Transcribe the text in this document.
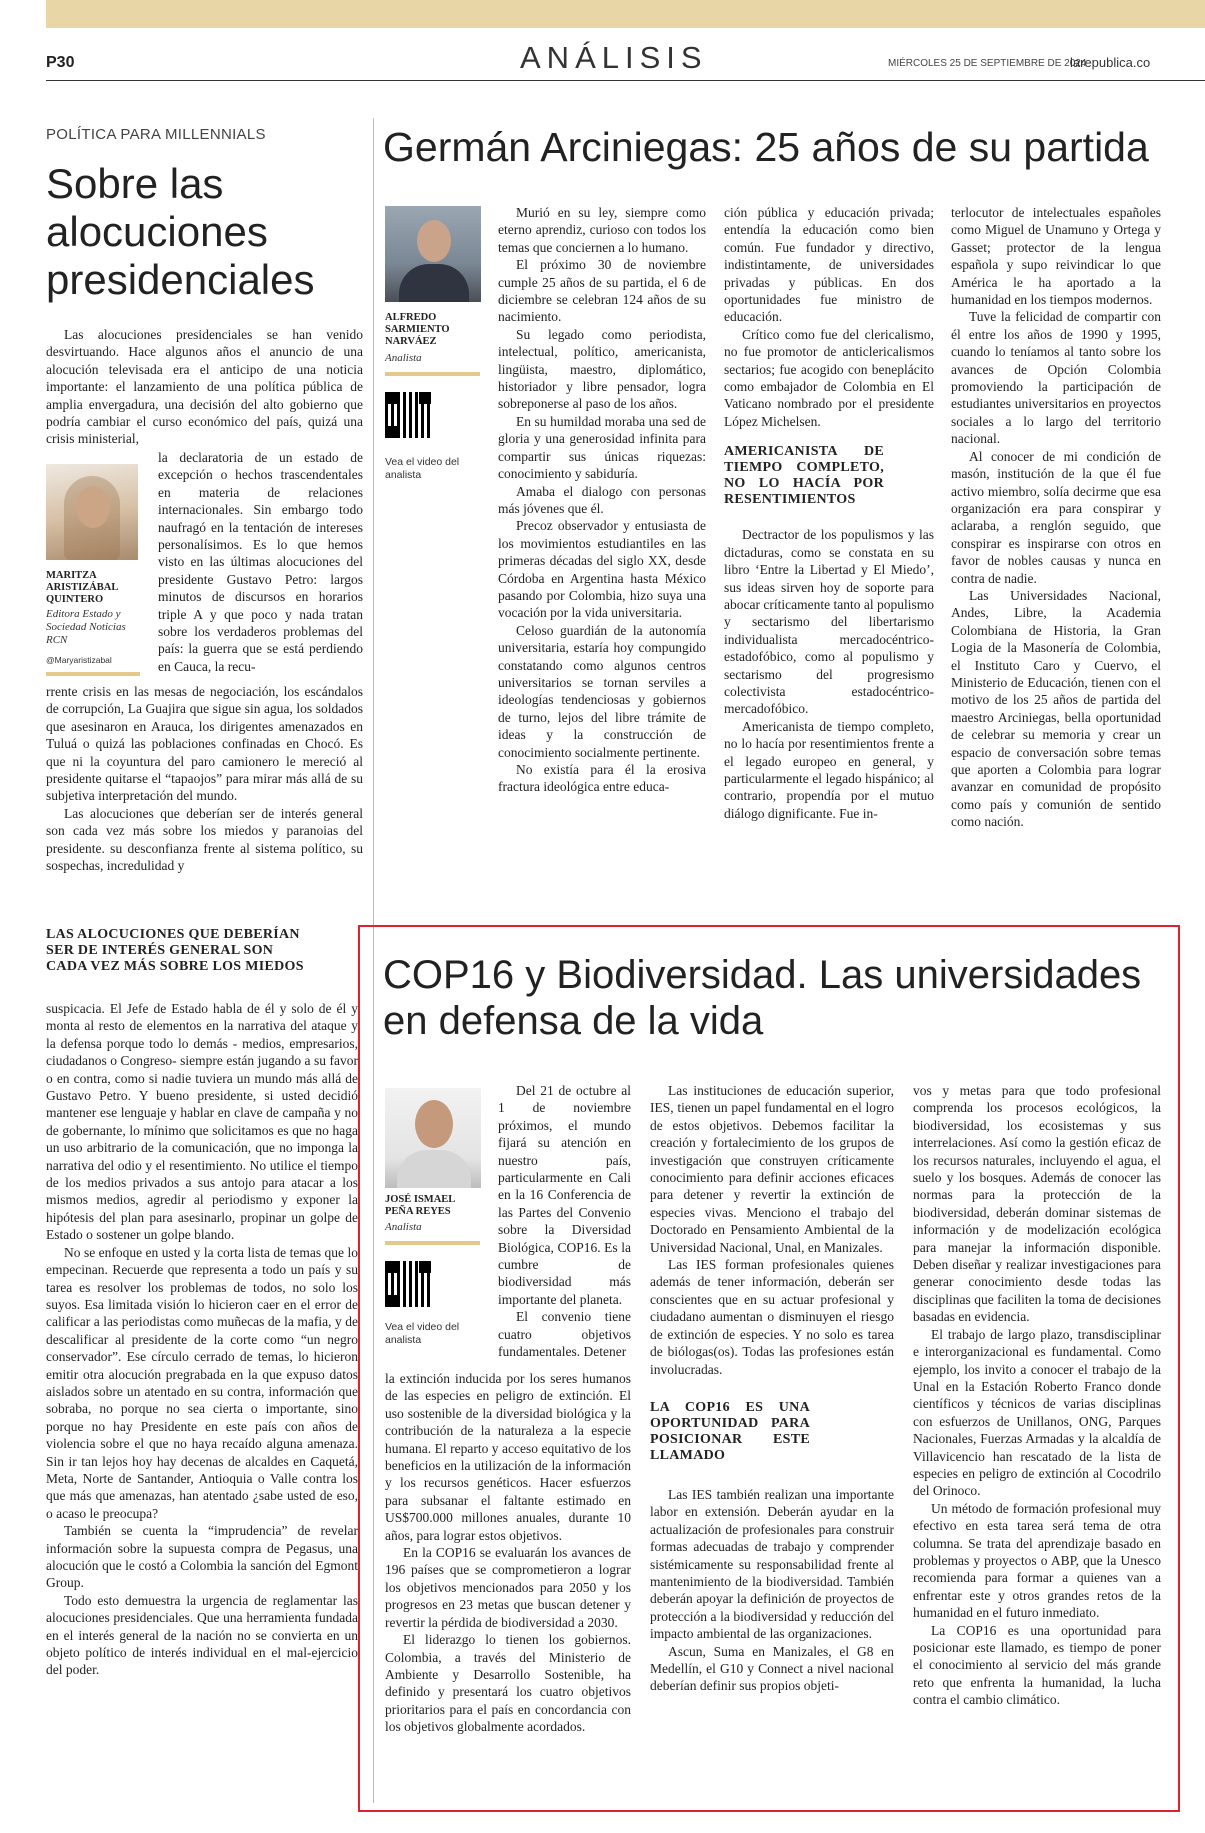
P30	ANÁLISIS	MIÉRCOLES 25 DE SEPTIEMBRE DE 2024
larepublica.co
POLÍTICA PARA MILLENNIALS
Sobre las alocuciones presidenciales

Las alocuciones presidenciales se han venido desvirtuando. Hace algunos años el anuncio de una alocución televisada era el anticipo de una noticia importante: el lanzamiento de una política pública de amplia envergadura, una decisión del alto gobierno que podría cambiar el curso económico del país, quizá una crisis ministerial,

MARITZA ARISTIZÁBAL QUINTERO
Editora Estado y Sociedad Noticias RCN
@Maryaristizabal

la declaratoria de un estado de excepción o hechos trascendentales en materia de relaciones internacionales. Sin embargo todo naufragó en la tentación de intereses personalísimos. Es lo que hemos visto en las últimas alocuciones del presidente Gustavo Petro: largos minutos de discursos en horarios triple A y que poco y nada tratan sobre los verdaderos problemas del país: la guerra que se está perdiendo en Cauca, la recu-

rrente crisis en las mesas de negociación, los escándalos de corrupción, La Guajira que sigue sin agua, los soldados que asesinaron en Arauca, los dirigentes amenazados en Tuluá o quizá las poblaciones confinadas en Chocó. Es que ni la coyuntura del paro camionero le mereció al presidente quitarse el “tapaojos” para mirar más allá de su subjetiva interpretación del mundo.

Las alocuciones que deberían ser de interés general son cada vez más sobre los miedos y paranoias del presidente. su desconfianza frente al sistema político, su sospechas, incredulidad y

LAS ALOCUCIONES QUE DEBERÍAN SER DE INTERÉS GENERAL SON CADA VEZ MÁS SOBRE LOS MIEDOS

suspicacia. El Jefe de Estado habla de él y solo de él y monta al resto de elementos en la narrativa del ataque y la defensa porque todo lo demás - medios, empresarios, ciudadanos o Congreso- siempre están jugando a su favor o en contra, como si nadie tuviera un mundo más allá de Gustavo Petro. Y bueno presidente, si usted decidió mantener ese lenguaje y hablar en clave de campaña y no de gobernante, lo mínimo que solicitamos es que no haga un uso arbitrario de la comunicación, que no imponga la narrativa del odio y el resentimiento. No utilice el tiempo de los medios privados a sus antojo para atacar a los mismos medios, agredir al periodismo y exponer la hipótesis del plan para asesinarlo, propinar un golpe de Estado o sostener un golpe blando.

No se enfoque en usted y la corta lista de temas que lo empecinan. Recuerde que representa a todo un país y su tarea es resolver los problemas de todos, no solo los suyos. Esa limitada visión lo hicieron caer en el error de calificar a las periodistas como muñecas de la mafia, y de descalificar al presidente de la corte como “un negro conservador”. Ese círculo cerrado de temas, lo hicieron emitir otra alocución pregrabada en la que expuso datos aislados sobre un atentado en su contra, información que sobraba, no porque no sea cierta o importante, sino porque no hay Presidente en este país con años de violencia sobre el que no haya recaído alguna amenaza. Sin ir tan lejos hoy hay decenas de alcaldes en Caquetá, Meta, Norte de Santander, Antioquia o Valle contra los que más que amenazas, han atentado ¿sabe usted de eso, o acaso le preocupa?

También se cuenta la “imprudencia” de revelar información sobre la supuesta compra de Pegasus, una alocución que le costó a Colombia la sanción del Egmont Group.

Todo esto demuestra la urgencia de reglamentar las alocuciones presidenciales. Que una herramienta fundada en el interés general de la nación no se convierta en un objeto político de interés individual en el mal-ejercicio del poder.

Germán Arciniegas: 25 años de su partida
ALFREDO SARMIENTO NARVÁEZ
Analista
Vea el video del analista

Murió en su ley, siempre como eterno aprendiz, curioso con todos los temas que conciernen a lo humano.

El próximo 30 de noviembre cumple 25 años de su partida, el 6 de diciembre se celebran 124 años de su nacimiento.

Su legado como periodista, intelectual, político, americanista, lingüista, maestro, diplomático, historiador y libre pensador, logra sobreponerse al paso de los años.

En su humildad moraba una sed de gloria y una generosidad infinita para compartir sus únicas riquezas: conocimiento y sabiduría.

Amaba el dialogo con personas más jóvenes que él.

Precoz observador y entusiasta de los movimientos estudiantiles en las primeras décadas del siglo XX, desde Córdoba en Argentina hasta México pasando por Colombia, hizo suya una vocación por la vida universitaria.

Celoso guardián de la autonomía universitaria, estaría hoy compungido constatando como algunos centros universitarios se tornan serviles a ideologías tendenciosas y gobiernos de turno, lejos del libre trámite de ideas y la construcción de conocimiento socialmente pertinente.

No existía para él la erosiva fractura ideológica entre educa-

ción pública y educación privada; entendía la educación como bien común. Fue fundador y directivo, indistintamente, de universidades privadas y públicas. En dos oportunidades fue ministro de educación.

Crítico como fue del clericalismo, no fue promotor de anticlericalismos sectarios; fue acogido con beneplácito como embajador de Colombia en El Vaticano nombrado por el presidente López Michelsen.

AMERICANISTA DE TIEMPO COMPLETO, NO LO HACÍA POR RESENTIMIENTOS

Dectractor de los populismos y las dictaduras, como se constata en su libro ‘Entre la Libertad y El Miedo’, sus ideas sirven hoy de soporte para abocar críticamente tanto al populismo y sectarismo del libertarismo individualista mercadocéntrico-estadofóbico, como al populismo y sectarismo del progresismo colectivista estadocéntrico-mercadofóbico.

Americanista de tiempo completo, no lo hacía por resentimientos frente a el legado europeo en general, y particularmente el legado hispánico; al contrario, propendía por el mutuo diálogo dignificante. Fue in-

terlocutor de intelectuales españoles como Miguel de Unamuno y Ortega y Gasset; protector de la lengua española y supo reivindicar lo que América le ha aportado a la humanidad en los tiempos modernos.

Tuve la felicidad de compartir con él entre los años de 1990 y 1995, cuando lo teníamos al tanto sobre los avances de Opción Colombia promoviendo la participación de estudiantes universitarios en proyectos sociales a lo largo del territorio nacional.

Al conocer de mi condición de masón, institución de la que él fue activo miembro, solía decirme que esa organización era para conspirar y aclaraba, a renglón seguido, que conspirar es inspirarse con otros en favor de nobles causas y nunca en contra de nadie.

Las Universidades Nacional, Andes, Libre, la Academia Colombiana de Historia, la Gran Logia de la Masonería de Colombia, el Instituto Caro y Cuervo, el Ministerio de Educación, tienen con el motivo de los 25 años de partida del maestro Arciniegas, bella oportunidad de celebrar su memoria y crear un espacio de conversación sobre temas que aporten a Colombia para lograr avanzar en comunidad de propósito como país y comunión de sentido como nación.

COP16 y Biodiversidad. Las universidades en defensa de la vida
JOSÉ ISMAEL PEÑA REYES
Analista
Vea el video del analista

Del 21 de octubre al 1 de noviembre próximos, el mundo fijará su atención en nuestro país, particularmente en Cali en la 16 Conferencia de las Partes del Convenio sobre la Diversidad Biológica, COP16. Es la cumbre de biodiversidad más importante del planeta.

El convenio tiene cuatro objetivos fundamentales. Detener

la extinción inducida por los seres humanos de las especies en peligro de extinción. El uso sostenible de la diversidad biológica y la contribución de la naturaleza a la especie humana. El reparto y acceso equitativo de los beneficios en la utilización de la información y los recursos genéticos. Hacer esfuerzos para subsanar el faltante estimado en US$700.000 millones anuales, durante 10 años, para lograr estos objetivos.

En la COP16 se evaluarán los avances de 196 países que se comprometieron a lograr los objetivos mencionados para 2050 y los progresos en 23 metas que buscan detener y revertir la pérdida de biodiversidad a 2030.

El liderazgo lo tienen los gobiernos. Colombia, a través del Ministerio de Ambiente y Desarrollo Sostenible, ha definido y presentará los cuatro objetivos prioritarios para el país en concordancia con los objetivos globalmente acordados.

Las instituciones de educación superior, IES, tienen un papel fundamental en el logro de estos objetivos. Debemos facilitar la creación y fortalecimiento de los grupos de investigación que construyen críticamente conocimiento para definir acciones eficaces para detener y revertir la extinción de especies vivas. Menciono el trabajo del Doctorado en Pensamiento Ambiental de la Universidad Nacional, Unal, en Manizales.

Las IES forman profesionales quienes además de tener información, deberán ser conscientes que en su actuar profesional y ciudadano aumentan o disminuyen el riesgo de extinción de especies. Y no solo es tarea de biólogas(os). Todas las profesiones están involucradas.

LA COP16 ES UNA OPORTUNIDAD PARA POSICIONAR ESTE LLAMADO

Las IES también realizan una importante labor en extensión. Deberán ayudar en la actualización de profesionales para construir formas adecuadas de trabajo y comprender sistémicamente su responsabilidad frente al mantenimiento de la biodiversidad. También deberán apoyar la definición de proyectos de protección a la biodiversidad y reducción del impacto ambiental de las organizaciones.

Ascun, Suma en Manizales, el G8 en Medellín, el G10 y Connect a nivel nacional deberían definir sus propios objeti-

vos y metas para que todo profesional comprenda los procesos ecológicos, la biodiversidad, los ecosistemas y sus interrelaciones. Así como la gestión eficaz de los recursos naturales, incluyendo el agua, el suelo y los bosques. Además de conocer las normas para la protección de la biodiversidad, deberán dominar sistemas de información y de modelización ecológica para manejar la información disponible. Deben diseñar y realizar investigaciones para generar conocimiento desde todas las disciplinas que faciliten la toma de decisiones basadas en evidencia.

El trabajo de largo plazo, transdisciplinar e interorganizacional es fundamental. Como ejemplo, los invito a conocer el trabajo de la Unal en la Estación Roberto Franco donde científicos y técnicos de varias disciplinas con esfuerzos de Unillanos, ONG, Parques Nacionales, Fuerzas Armadas y la alcaldía de Villavicencio han rescatado de la lista de especies en peligro de extinción al Cocodrilo del Orinoco.

Un método de formación profesional muy efectivo en esta tarea será tema de otra columna. Se trata del aprendizaje basado en problemas y proyectos o ABP, que la Unesco recomienda para formar a quienes van a enfrentar este y otros grandes retos de la humanidad en el futuro inmediato.

La COP16 es una oportunidad para posicionar este llamado, es tiempo de poner el conocimiento al servicio del más grande reto que enfrenta la humanidad, la lucha contra el cambio climático.
